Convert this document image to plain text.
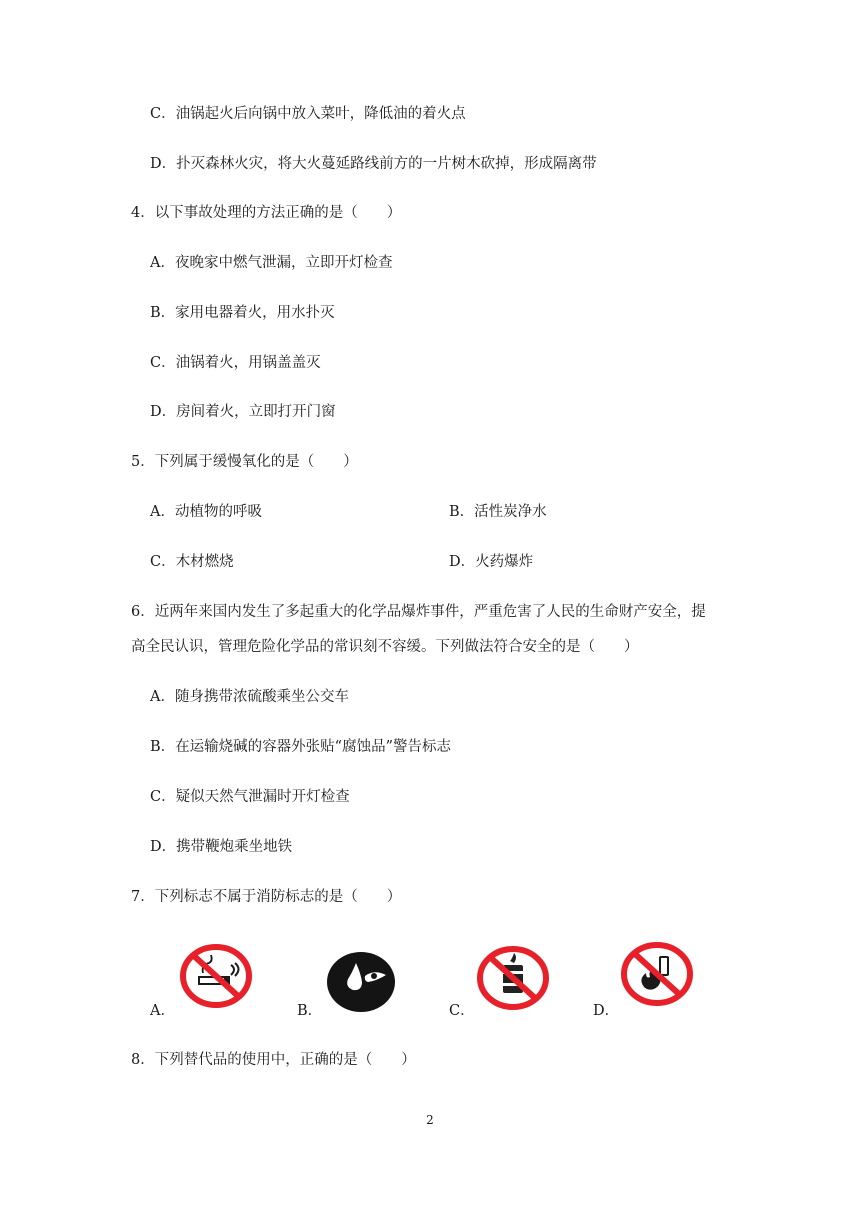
C．油锅起火后向锅中放入菜叶，降低油的着火点
D．扑灭森林火灾，将大火蔓延路线前方的一片树木砍掉，形成隔离带
4．以下事故处理的方法正确的是（　　）
A．夜晚家中燃气泄漏，立即开灯检查
B．家用电器着火，用水扑灭
C．油锅着火，用锅盖盖灭
D．房间着火，立即打开门窗
5．下列属于缓慢氧化的是（　　）
A．动植物的呼吸	B．活性炭净水
C．木材燃烧	D．火药爆炸
6．近两年来国内发生了多起重大的化学品爆炸事件，严重危害了人民的生命财产安全，提
高全民认识，管理危险化学品的常识刻不容缓。下列做法符合安全的是（　　）
A．随身携带浓硫酸乘坐公交车
B．在运输烧碱的容器外张贴“腐蚀品”警告标志
C．疑似天然气泄漏时开灯检查
D．携带鞭炮乘坐地铁
7．下列标志不属于消防标志的是（　　）
A．	B．	C．	D．
8．下列替代品的使用中，正确的是（　　）
2
